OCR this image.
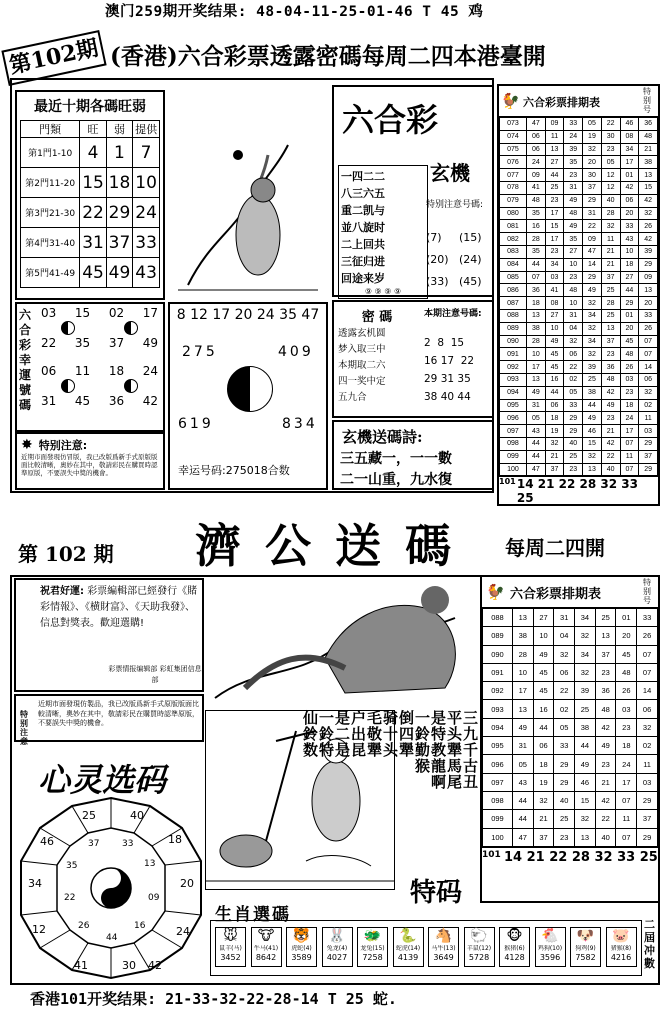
澳门259期开奖结果: 48-04-11-25-01-46 T 45 鸡
第102期 (香港)六合彩票透露密碼每周二四本港臺開
最近十期各碼旺弱
門類	旺	弱	提供
第1門1-10	4	1	7
第2門11-20	15	18	10
第3門21-30	22	29	24
第4門31-40	31	37	33
第5門41-49	45	49	43
六合彩幸運號碼
03 15 02 17
22 35 37 49
06 11 18 24
31 45 36 42
✸ 特别注意:
近期市面發現仿冒版，我已改版爲新手式原版版面比較清晰，奧妙在其中，敬請彩民在購買時認準原版，不要誤失中獎的機會。
8 12 17 20 24 35 47
275	409
619	834
幸运号码:275018合数
六合彩
玄機
一四二二
八三六五
重二凯与
並八旋时
二上回共
三征归进
回途来岁
⑨ ⑨ ⑨ ⑨
特别注意号碼:
(7)	(15)
(20) (24)
(33) (45)
密 碼
透露玄机圆
梦入取三中
本期取二六
四一奖中定
五九合
本期注意号碼:
2  8  15
16 17  22
29 31 35
38 40 44
玄機送碼詩:
三五藏一，一一數
二一山重，九水復
🐓 六合彩票排期表
特别号
073	47	09	33	05	22	46	36
074	06	11	24	19	30	08	48
075	06	13	39	32	23	34	21
076	24	27	35	20	05	17	38
077	09	44	23	30	12	01	13
078	41	25	31	37	12	42	15
079	48	23	49	29	40	06	42
080	35	17	48	31	28	20	32
081	16	15	49	22	32	33	26
082	28	17	35	09	11	43	42
083	35	23	27	47	21	10	39
084	44	34	10	14	21	18	29
085	07	03	23	29	37	27	09
086	36	41	48	49	25	44	13
087	18	08	10	32	28	29	20
088	13	27	31	34	25	01	33
089	38	10	04	32	13	20	26
090	28	49	32	34	37	45	07
091	10	45	06	32	23	48	07
092	17	45	22	39	36	26	14
093	13	16	02	25	48	03	06
094	49	44	05	38	42	23	32
095	31	06	33	44	49	18	02
096	05	18	29	49	23	24	11
097	43	19	29	46	21	17	03
098	44	32	40	15	42	07	29
099	44	21	25	32	22	11	37
100	47	37	23	13	40	07	29
101 14 21 22 28 32 33 25
第 102 期 濟 公 送 碼 每周二四開
祝君好運: 彩票編輯部已經發行《賭彩情報》、《横財富》、《天助我發》、信息對獎表。歡迎選購!
彩票情报编辑部 彩虹集团信息部
特别注意
近期市面發現仿製品，我已改版爲新手式原版版面比較清晰，奧妙在其中，敬請彩民在購買時認準原版，不要誤失中獎的機會。
心灵选码
25	40
18
20
24
34
46
12
30
41
37	33
13
09
16
44
26
22
35
42
三九千古丑
平头犟馬尾
是特教龍啊
一鈴勤猴
倒四犟
骑十头
毛敬犟
户出昆
是二是
一鈴特
仙鈴数
特码
🐓 六合彩票排期表
特别号
088	13	27	31	34	25	01	33
089	38	10	04	32	13	20	26
090	28	49	32	34	37	45	07
091	10	45	06	32	23	48	07
092	17	45	22	39	36	26	14
093	13	16	02	25	48	03	06
094	49	44	05	38	42	23	32
095	31	06	33	44	49	18	02
096	05	18	29	49	23	24	11
097	43	19	29	46	21	17	03
098	44	32	40	15	42	07	29
099	44	21	25	32	22	11	37
100	47	37	23	13	40	07	29
101 14 21 22 28 32 33 25
生肖選碼
🐭
鼠羊(马)
3452
🐮
牛马(41)
8642
🐯
虎蛇(4)
3589
🐰
兔龙(4)
4027
🐲
龙兔(15)
7258
🐍
蛇虎(14)
4139
🐴
马牛(13)
3649
🐑
羊鼠(12)
5728
🐵
猴猪(6)
4128
🐔
鸡狗(10)
3596
🐶
狗鸡(9)
7582
🐷
猪猴(8)
4216
二屆冲數
香港101开奖结果: 21-33-32-22-28-14 T 25 蛇.
